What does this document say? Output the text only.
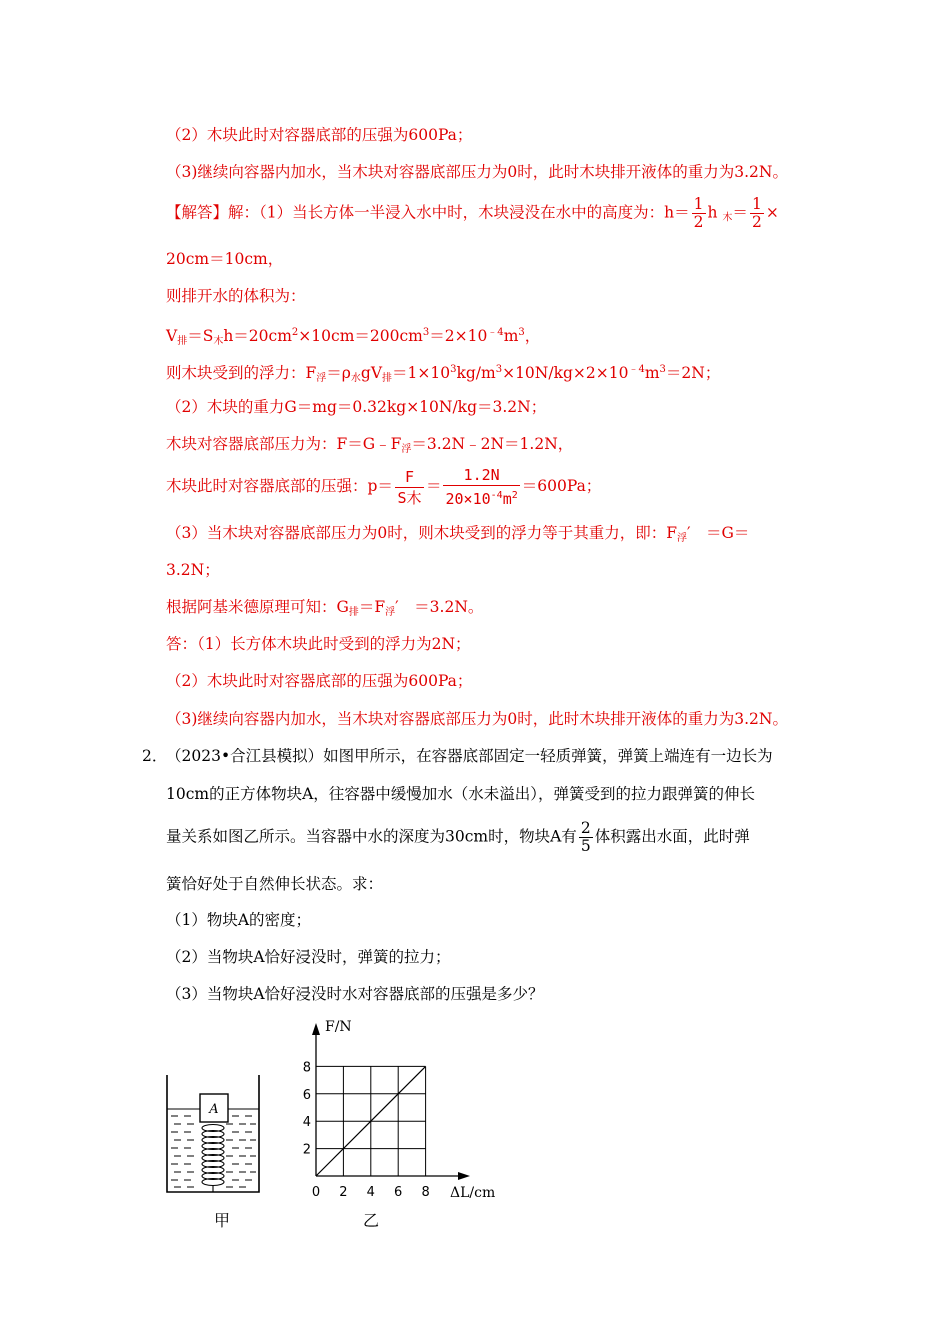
（2）木块此时对容器底部的压强为600Pa；
（3)继续向容器内加水，当木块对容器底部压力为0时，此时木块排开液体的重力为3.2N。
【解答】解：（1）当长方体一半浸入水中时，木块浸没在水中的高度为：$h= \frac{1}{2}$ h $_木= \frac{1}{2}$ ×
20cm＝10cm，
则排开水的体积为：
$V_排=S_木h=20cm^2\times 10cm=200cm^3=2\times 10^{﹣4}m^3$，
则木块受到的浮力：$F_浮=\rho_水gV_排=1\times 10^3kg/m^3\times 10N/kg\times 2\times 10^{﹣4}m^3=2N$；
（2）木块的重力G＝mg＝0.32kg×10N/kg＝3.2N；
木块对容器底部压力为：$F=G﹣F_浮=3.2N﹣2N=1.2N$，
木块此时对容器底部的压强：$p= \frac{F}{\text{S木}} = \frac{1.2N}{20\times 10^{-4}m^2} =600Pa$；
（3）当木块对容器底部压力为0时，则木块受到的浮力等于其重力，即：$F_浮'$　＝G＝
3.2N；
根据阿基米德原理可知：$G_排=F_浮'$　＝3.2N。
答：（1）长方体木块此时受到的浮力为2N；
（2）木块此时对容器底部的压强为600Pa；
（3)继续向容器内加水，当木块对容器底部压力为0时，此时木块排开液体的重力为3.2N。
2．
（2023•合江县模拟）如图甲所示，在容器底部固定一轻质弹簧，弹簧上端连有一边长为
10cm的正方体物块A，往容器中缓慢加水（水未溢出），弹簧受到的拉力跟弹簧的伸长
量关系如图乙所示。当容器中水的深度为30cm时，物块A有 $\frac{2}{5}$ 体积露出水面，此时弹
簧恰好处于自然伸长状态。求：
（1）物块A的密度；
（2）当物块A恰好浸没时，弹簧的拉力；
（3）当物块A恰好浸没时水对容器底部的压强是多少？
A
甲
0 2 4 6 8
2
4
6
8
F/N
ΔL/cm
乙
